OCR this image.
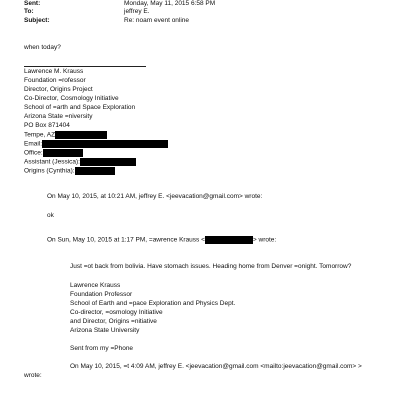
Sent:	Monday, May 11, 2015 6:58 PM
To:	jeffrey E.
Subject:	Re: noam event online
when today?
Lawrence M. Krauss
Foundation =rofessor
Director, Origins Project
Co-Director, Cosmology Initiative
School of =arth and Space Exploration
Arizona State =niversity
PO Box 871404
Tempe, AZ
Email:
Office:
Assistant (Jessica):
Origins (Cynthia):
On May 10, 2015, at 10:21 AM, jeffrey E. <jeevacation@gmail.com> wrote:
ok
On Sun, May 10, 2015 at 1:17 PM, =awrence Krauss <	> wrote:
Just =ot back from bolivia. Have stomach issues. Heading home from Denver =onight. Tomorrow?
Lawrence Krauss
Foundation Professor
School of Earth and =pace Exploration and Physics Dept.
Co-director, =osmology Initiative
and Director, Origins =nitiative
Arizona State University
Sent from my =Phone
On May 10, 2015, =t 4:09 AM, jeffrey E. <jeevacation@gmail.com <mailto:jeevacation@gmail.com> >
wrote:
